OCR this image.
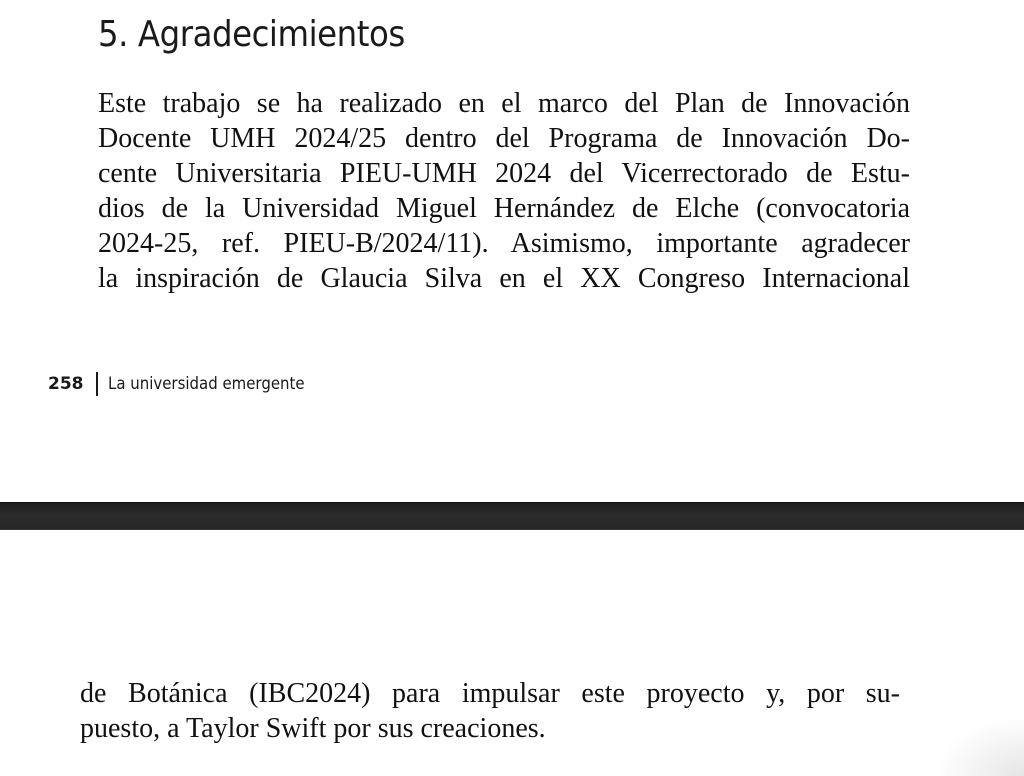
5. Agradecimientos

Este trabajo se ha realizado en el marco del Plan de Innovación
Docente UMH 2024/25 dentro del Programa de Innovación Do-
cente Universitaria PIEU-UMH 2024 del Vicerrectorado de Estu-
dios de la Universidad Miguel Hernández de Elche (convocatoria
2024-25, ref. PIEU-B/2024/11). Asimismo, importante agradecer
la inspiración de Glaucia Silva en el XX Congreso Internacional

258 La universidad emergente

de Botánica (IBC2024) para impulsar este proyecto y, por su-
puesto, a Taylor Swift por sus creaciones.
